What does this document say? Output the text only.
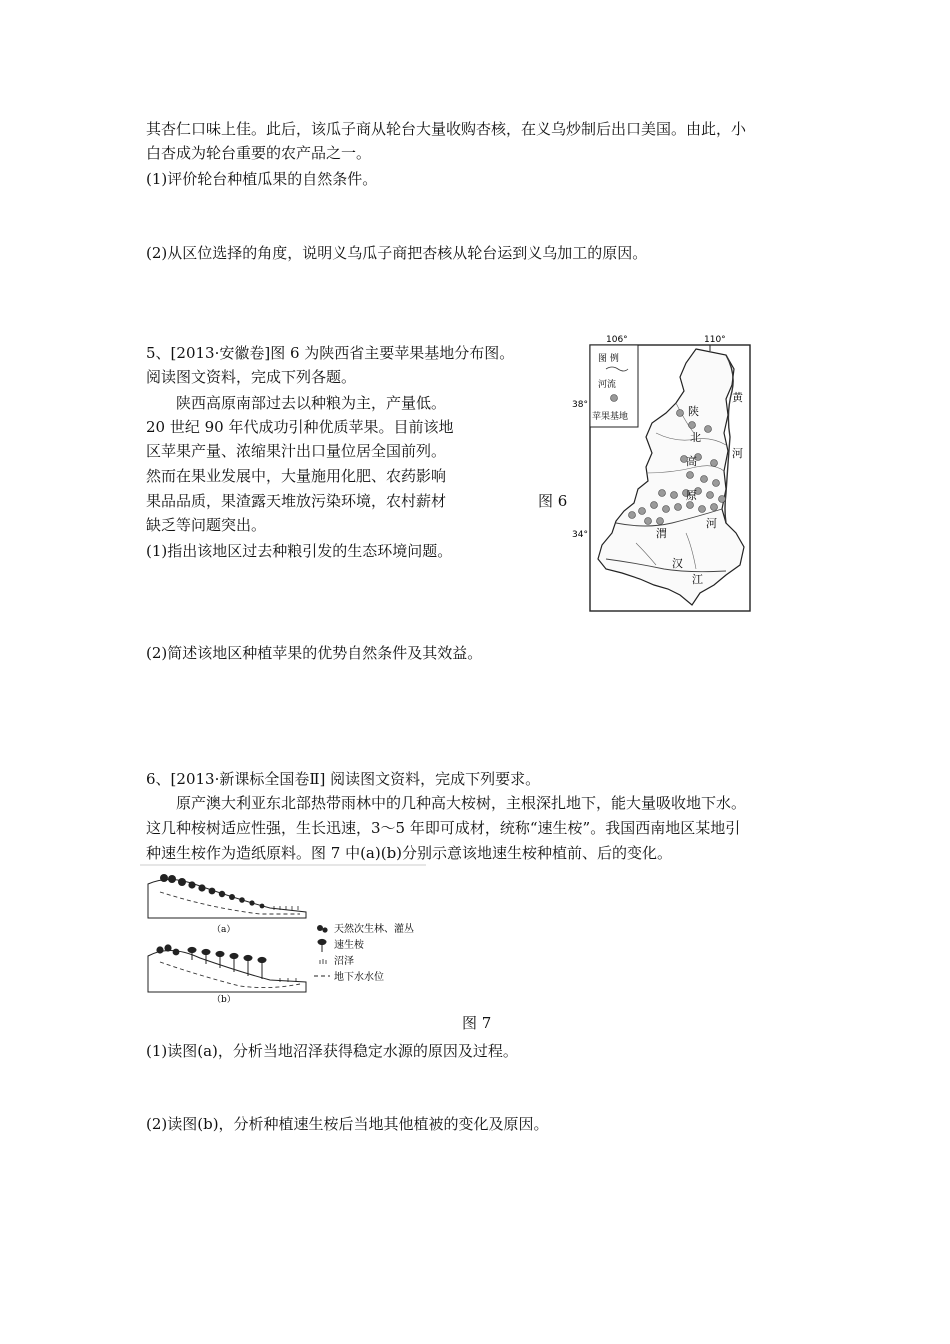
其杏仁口味上佳。此后，该瓜子商从轮台大量收购杏核，在义乌炒制后出口美国。由此，小
白杏成为轮台重要的农产品之一。
(1)评价轮台种植瓜果的自然条件。
(2)从区位选择的角度，说明义乌瓜子商把杏核从轮台运到义乌加工的原因。
5、[2013·安徽卷]图 6 为陕西省主要苹果基地分布图。
阅读图文资料，完成下列各题。
　　陕西高原南部过去以种粮为主，产量低。
20 世纪 90 年代成功引种优质苹果。目前该地
区苹果产量、浓缩果汁出口量位居全国前列。
然而在果业发展中，大量施用化肥、农药影响
果品品质，果渣露天堆放污染环境，农村薪材
缺乏等问题突出。
(1)指出该地区过去种粮引发的生态环境问题。
图 6
106°	110°
38°
34°
图 例
河流
苹果基地	陕
北
高
原
黄
河
河
渭
汉
江
(2)简述该地区种植苹果的优势自然条件及其效益。
6、[2013·新课标全国卷Ⅱ] 阅读图文资料，完成下列要求。
　　原产澳大利亚东北部热带雨林中的几种高大桉树，主根深扎地下，能大量吸收地下水。
这几种桉树适应性强，生长迅速，3～5 年即可成材，统称“速生桉”。我国西南地区某地引
种速生桉作为造纸原料。图 7 中(a)(b)分别示意该地速生桉种植前、后的变化。
（a）
（b）
天然次生林、灌丛
速生桉
沼泽
地下水水位
图 7
(1)读图(a)，分析当地沼泽获得稳定水源的原因及过程。
(2)读图(b)，分析种植速生桉后当地其他植被的变化及原因。
